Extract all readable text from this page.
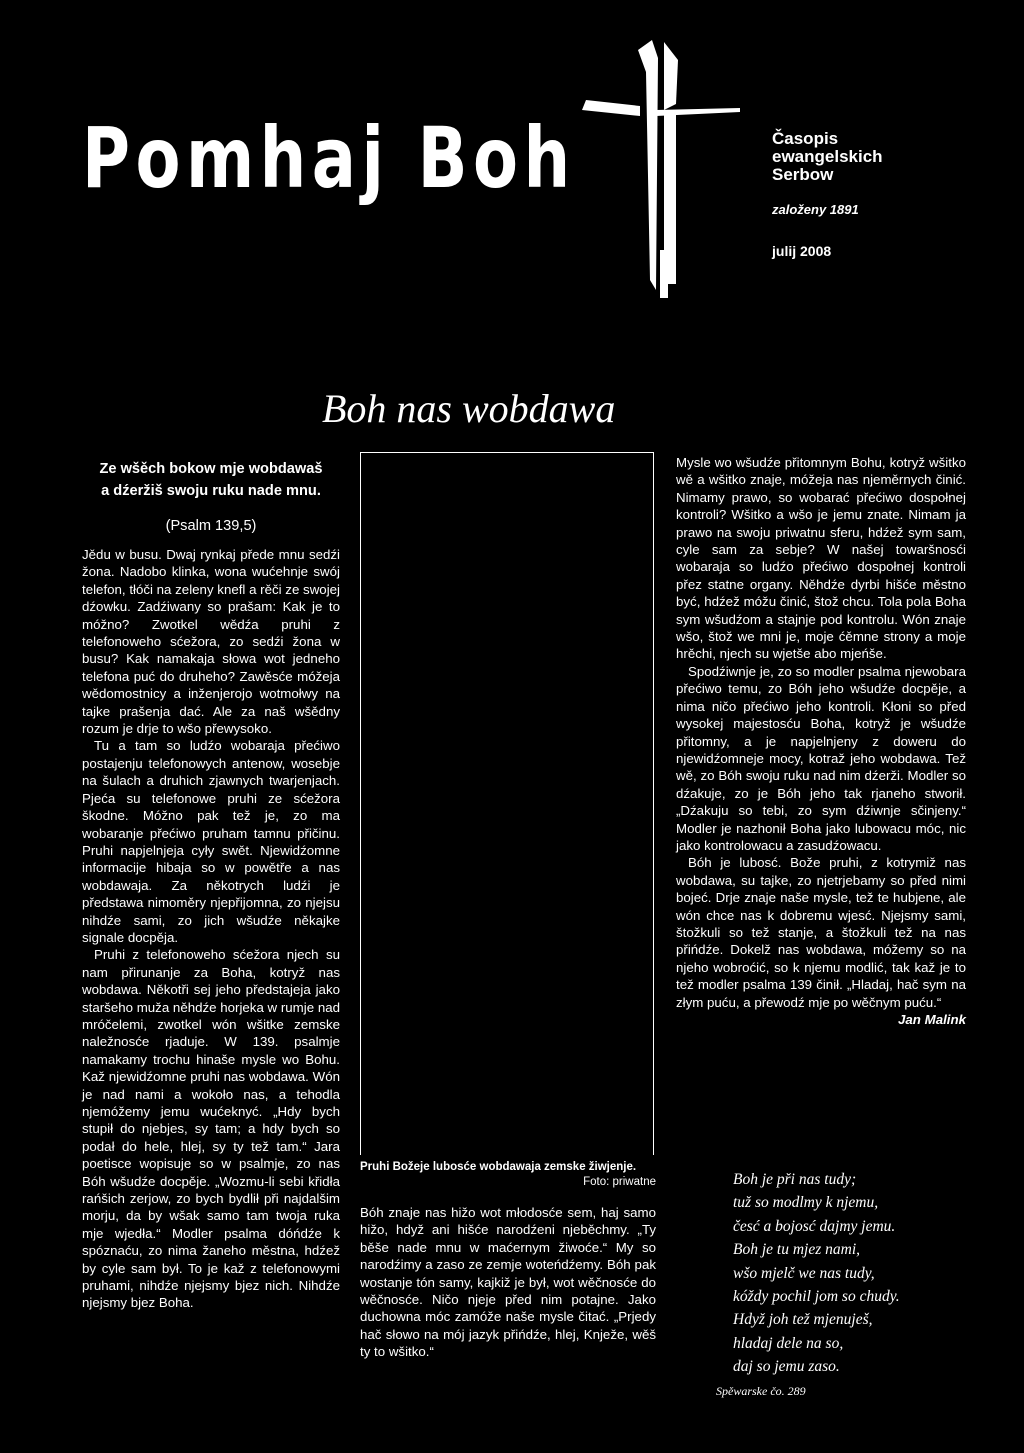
Pomhaj Boh	Časopis
ewangelskich
Serbow
založeny 1891
julij 2008
Boh nas wobdawa
Ze wšěch bokow mje wobdawaš
a dźeržiš swoju ruku nade mnu.
(Psalm 139,5)

Jědu w busu. Dwaj rynkaj přede mnu sedźi žona. Nadobo klinka, wona wućehnje swój telefon, tłóči na zeleny knefl a rěči ze swojej dźowku. Zadźiwany so prašam: Kak je to móžno? Zwotkel wědźa pruhi z telefonoweho sćežora, zo sedźi žona w busu? Kak namakaja słowa wot jedneho telefona puć do druheho? Zawěsće móžeja wědomostnicy a inženjerojo wotmołwy na tajke prašenja dać. Ale za naš wšědny rozum je drje to wšo přewysoko.

Tu a tam so ludźo wobaraja přećiwo postajenju telefonowych antenow, wosebje na šulach a druhich zjawnych twarjenjach. Pjeća su telefonowe pruhi ze sćežora škodne. Móžno pak tež je, zo ma wobaranje přećiwo pruham tamnu přičinu. Pruhi napjelnjeja cyły swět. Njewidźomne informacije hibaja so w powětře a nas wobdawaja. Za někotrych ludźi je předstawa nimoměry njepřijomna, zo njejsu nihdźe sami, zo jich wšudźe někajke signale docpěja.

Pruhi z telefonoweho sćežora njech su nam přirunanje za Boha, kotryž nas wobdawa. Někotři sej jeho předstajeja jako staršeho muža něhdźe horjeka w rumje nad mróčelemi, zwotkel wón wšitke zemske naležnosće rjaduje. W 139. psalmje namakamy trochu hinaše mysle wo Bohu. Kaž njewidźomne pruhi nas wobdawa. Wón je nad nami a wokoło nas, a tehodla njemóžemy jemu wućeknyć. „Hdy bych stupił do njebjes, sy tam; a hdy bych so podał do hele, hlej, sy ty tež tam.“ Jara poetisce wopisuje so w psalmje, zo nas Bóh wšudźe docpěje. „Wozmu-li sebi křidła rańšich zerjow, zo bych bydlił při najdalšim morju, da by wšak samo tam twoja ruka mje wjedła.“ Modler psalma dóńdźe k spóznaću, zo nima žaneho městna, hdźež by cyle sam był. To je kaž z telefonowymi pruhami, nihdźe njejsmy bjez nich. Nihdźe njejsmy bjez Boha.

Pruhi Božeje lubosće wobdawaja zemske žiwjenje.
Foto: priwatne

Bóh znaje nas hižo wot młodosće sem, haj samo hižo, hdyž ani hišće narodźeni njeběchmy. „Ty běše nade mnu w maćernym žiwoće.“ My so narodźimy a zaso ze zemje woteńdźemy. Bóh pak wostanje tón samy, kajkiž je był, wot wěčnosće do wěčnosće. Ničo njeje před nim potajne. Jako duchowna móc zamóže naše mysle čitać. „Prjedy hač słowo na mój jazyk přińdźe, hlej, Knježe, wěš ty to wšitko.“

Mysle wo wšudźe přitomnym Bohu, kotryž wšitko wě a wšitko znaje, móžeja nas njeměrnych činić. Nimamy prawo, so wobarać přećiwo dospołnej kontroli? Wšitko a wšo je jemu znate. Nimam ja prawo na swoju priwatnu sferu, hdźež sym sam, cyle sam za sebje? W našej towaršnosći wobaraja so ludźo přećiwo dospołnej kontroli přez statne organy. Něhdźe dyrbi hišće městno być, hdźež móžu činić, štož chcu. Tola pola Boha sym wšudźom a stajnje pod kontrolu. Wón znaje wšo, štož we mni je, moje ćěmne strony a moje hrěchi, njech su wjetše abo mjeńše.

Spodźiwnje je, zo so modler psalma njewobara přećiwo temu, zo Bóh jeho wšudźe docpěje, a nima ničo přećiwo jeho kontroli. Kłoni so před wysokej majestosću Boha, kotryž je wšudźe přitomny, a je napjelnjeny z doweru do njewidźomneje mocy, kotraž jeho wobdawa. Tež wě, zo Bóh swoju ruku nad nim dźerži. Modler so dźakuje, zo je Bóh jeho tak rjaneho stworił. „Dźakuju so tebi, zo sym dźiwnje sčinjeny.“ Modler je nazhonił Boha jako lubowacu móc, nic jako kontrolowacu a zasudźowacu.

Bóh je lubosć. Bože pruhi, z kotrymiž nas wobdawa, su tajke, zo njetrjebamy so před nimi bojeć. Drje znaje naše mysle, tež te hubjene, ale wón chce nas k dobremu wjesć. Njejsmy sami, štožkuli so tež stanje, a štožkuli tež na nas přińdźe. Dokelž nas wobdawa, móžemy so na njeho wobroćić, so k njemu modlić, tak kaž je to tež modler psalma 139 činił. „Hladaj, hač sym na złym puću, a přewodź mje po wěčnym puću.“

Jan Malink

Boh je při nas tudy;
tuž so modlmy k njemu,
česć a bojosć dajmy jemu.
Boh je tu mjez nami,
wšo mjelč we nas tudy,
kóždy pochil jom so chudy.
Hdyž joh tež mjenuješ,
hladaj dele na so,
daj so jemu zaso.
Spěwarske čo. 289
